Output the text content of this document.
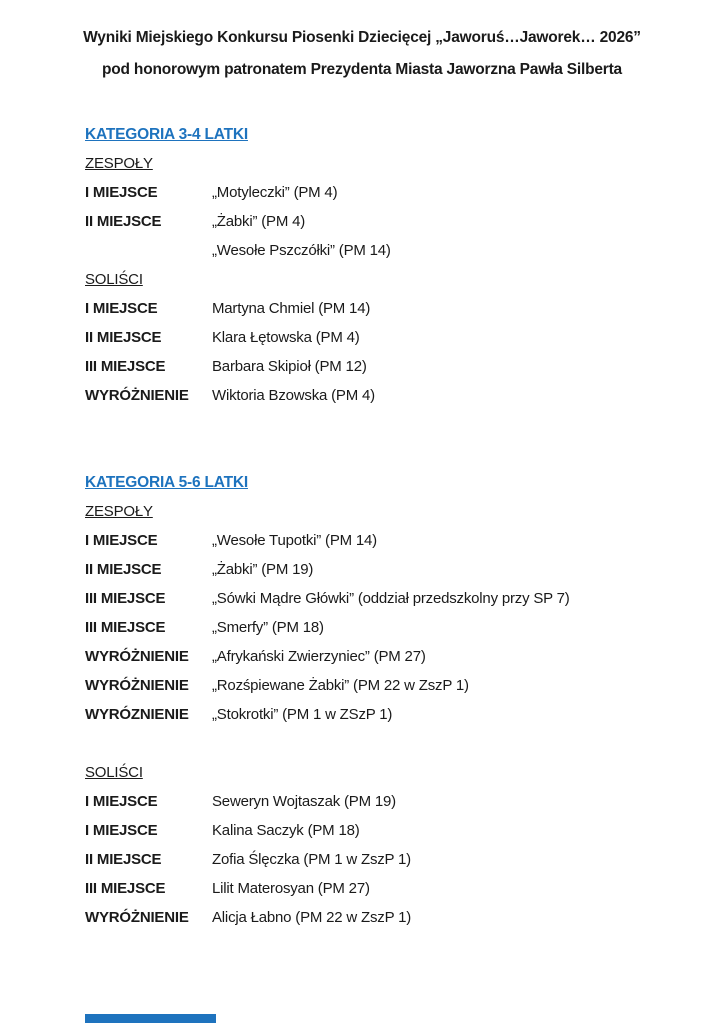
Wyniki Miejskiego Konkursu Piosenki Dziecięcej „Jaworuś…Jaworek… 2026”
pod honorowym patronatem Prezydenta Miasta Jaworzna Pawła Silberta
KATEGORIA 3-4 LATKI
ZESPOŁY
I MIEJSCE	„Motyleczki” (PM 4)
II MIEJSCE	„Żabki” (PM 4)
„Wesołe Pszczółki” (PM 14)
SOLIŚCI
I MIEJSCE	Martyna Chmiel (PM 14)
II MIEJSCE	Klara Łętowska (PM 4)
III MIEJSCE	Barbara Skipioł (PM 12)
WYRÓŻNIENIE	Wiktoria Bzowska (PM 4)
KATEGORIA 5-6 LATKI
ZESPOŁY
I MIEJSCE	„Wesołe Tupotki” (PM 14)
II MIEJSCE	„Żabki” (PM 19)
III MIEJSCE	„Sówki Mądre Główki” (oddział przedszkolny przy SP 7)
III MIEJSCE	„Smerfy” (PM 18)
WYRÓŻNIENIE	„Afrykański Zwierzyniec” (PM 27)
WYRÓŻNIENIE	„Rozśpiewane Żabki” (PM 22 w ZszP 1)
WYRÓZNIENIE	„Stokrotki” (PM 1 w ZSzP 1)
SOLIŚCI
I MIEJSCE	Seweryn Wojtaszak (PM 19)
I MIEJSCE	Kalina Saczyk (PM 18)
II MIEJSCE	Zofia Ślęczka (PM 1 w ZszP 1)
III MIEJSCE	Lilit Materosyan (PM 27)
WYRÓŻNIENIE	Alicja Łabno (PM 22 w ZszP 1)
